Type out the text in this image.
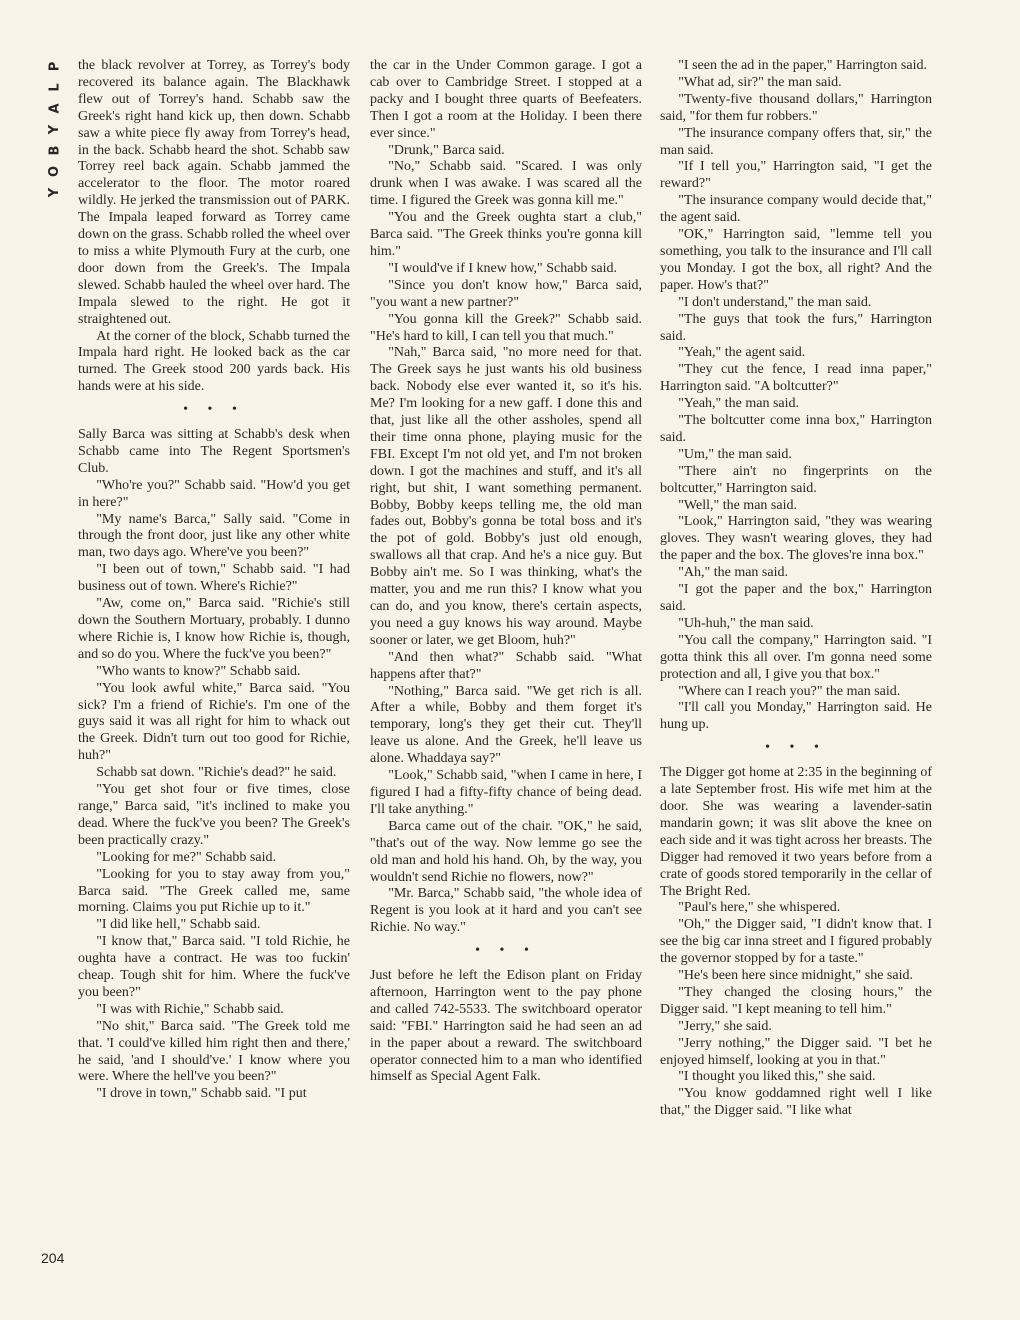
P
L
A
Y
B
O
Y
204

the black revolver at Torrey, as Torrey's body recovered its balance again. The Blackhawk flew out of Torrey's hand. Schabb saw the Greek's right hand kick up, then down. Schabb saw a white piece fly away from Torrey's head, in the back. Schabb heard the shot. Schabb saw Torrey reel back again. Schabb jammed the accelerator to the floor. The motor roared wildly. He jerked the transmission out of PARK. The Impala leaped forward as Torrey came down on the grass. Schabb rolled the wheel over to miss a white Plymouth Fury at the curb, one door down from the Greek's. The Impala slewed. Schabb hauled the wheel over hard. The Impala slewed to the right. He got it straightened out.

At the corner of the block, Schabb turned the Impala hard right. He looked back as the car turned. The Greek stood 200 yards back. His hands were at his side.

• • •

Sally Barca was sitting at Schabb's desk when Schabb came into The Regent Sportsmen's Club.

"Who're you?" Schabb said. "How'd you get in here?"

"My name's Barca," Sally said. "Come in through the front door, just like any other white man, two days ago. Where've you been?"

"I been out of town," Schabb said. "I had business out of town. Where's Richie?"

"Aw, come on," Barca said. "Richie's still down the Southern Mortuary, probably. I dunno where Richie is, I know how Richie is, though, and so do you. Where the fuck've you been?"

"Who wants to know?" Schabb said.

"You look awful white," Barca said. "You sick? I'm a friend of Richie's. I'm one of the guys said it was all right for him to whack out the Greek. Didn't turn out too good for Richie, huh?"

Schabb sat down. "Richie's dead?" he said.

"You get shot four or five times, close range," Barca said, "it's inclined to make you dead. Where the fuck've you been? The Greek's been practically crazy."

"Looking for me?" Schabb said.

"Looking for you to stay away from you," Barca said. "The Greek called me, same morning. Claims you put Richie up to it."

"I did like hell," Schabb said.

"I know that," Barca said. "I told Richie, he oughta have a contract. He was too fuckin' cheap. Tough shit for him. Where the fuck've you been?"

"I was with Richie," Schabb said.

"No shit," Barca said. "The Greek told me that. 'I could've killed him right then and there,' he said, 'and I should've.' I know where you were. Where the hell've you been?"

"I drove in town," Schabb said. "I put

the car in the Under Common garage. I got a cab over to Cambridge Street. I stopped at a packy and I bought three quarts of Beefeaters. Then I got a room at the Holiday. I been there ever since."

"Drunk," Barca said.

"No," Schabb said. "Scared. I was only drunk when I was awake. I was scared all the time. I figured the Greek was gonna kill me."

"You and the Greek oughta start a club," Barca said. "The Greek thinks you're gonna kill him."

"I would've if I knew how," Schabb said.

"Since you don't know how," Barca said, "you want a new partner?"

"You gonna kill the Greek?" Schabb said. "He's hard to kill, I can tell you that much."

"Nah," Barca said, "no more need for that. The Greek says he just wants his old business back. Nobody else ever wanted it, so it's his. Me? I'm looking for a new gaff. I done this and that, just like all the other assholes, spend all their time onna phone, playing music for the FBI. Except I'm not old yet, and I'm not broken down. I got the machines and stuff, and it's all right, but shit, I want something permanent. Bobby, Bobby keeps telling me, the old man fades out, Bobby's gonna be total boss and it's the pot of gold. Bobby's just old enough, swallows all that crap. And he's a nice guy. But Bobby ain't me. So I was thinking, what's the matter, you and me run this? I know what you can do, and you know, there's certain aspects, you need a guy knows his way around. Maybe sooner or later, we get Bloom, huh?"

"And then what?" Schabb said. "What happens after that?"

"Nothing," Barca said. "We get rich is all. After a while, Bobby and them forget it's temporary, long's they get their cut. They'll leave us alone. And the Greek, he'll leave us alone. Whaddaya say?"

"Look," Schabb said, "when I came in here, I figured I had a fifty-fifty chance of being dead. I'll take anything."

Barca came out of the chair. "OK," he said, "that's out of the way. Now lemme go see the old man and hold his hand. Oh, by the way, you wouldn't send Richie no flowers, now?"

"Mr. Barca," Schabb said, "the whole idea of Regent is you look at it hard and you can't see Richie. No way."

• • •

Just before he left the Edison plant on Friday afternoon, Harrington went to the pay phone and called 742-5533. The switchboard operator said: "FBI." Harrington said he had seen an ad in the paper about a reward. The switchboard operator connected him to a man who identified himself as Special Agent Falk.

"I seen the ad in the paper," Harrington said.

"What ad, sir?" the man said.

"Twenty-five thousand dollars," Harrington said, "for them fur robbers."

"The insurance company offers that, sir," the man said.

"If I tell you," Harrington said, "I get the reward?"

"The insurance company would decide that," the agent said.

"OK," Harrington said, "lemme tell you something, you talk to the insurance and I'll call you Monday. I got the box, all right? And the paper. How's that?"

"I don't understand," the man said.

"The guys that took the furs," Harrington said.

"Yeah," the agent said.

"They cut the fence, I read inna paper," Harrington said. "A boltcutter?"

"Yeah," the man said.

"The boltcutter come inna box," Harrington said.

"Um," the man said.

"There ain't no fingerprints on the boltcutter," Harrington said.

"Well," the man said.

"Look," Harrington said, "they was wearing gloves. They wasn't wearing gloves, they had the paper and the box. The gloves're inna box."

"Ah," the man said.

"I got the paper and the box," Harrington said.

"Uh-huh," the man said.

"You call the company," Harrington said. "I gotta think this all over. I'm gonna need some protection and all, I give you that box."

"Where can I reach you?" the man said.

"I'll call you Monday," Harrington said. He hung up.

• • •

The Digger got home at 2:35 in the beginning of a late September frost. His wife met him at the door. She was wearing a lavender-satin mandarin gown; it was slit above the knee on each side and it was tight across her breasts. The Digger had removed it two years before from a crate of goods stored temporarily in the cellar of The Bright Red.

"Paul's here," she whispered.

"Oh," the Digger said, "I didn't know that. I see the big car inna street and I figured probably the governor stopped by for a taste."

"He's been here since midnight," she said.

"They changed the closing hours," the Digger said. "I kept meaning to tell him."

"Jerry," she said.

"Jerry nothing," the Digger said. "I bet he enjoyed himself, looking at you in that."

"I thought you liked this," she said.

"You know goddamned right well I like that," the Digger said. "I like what
